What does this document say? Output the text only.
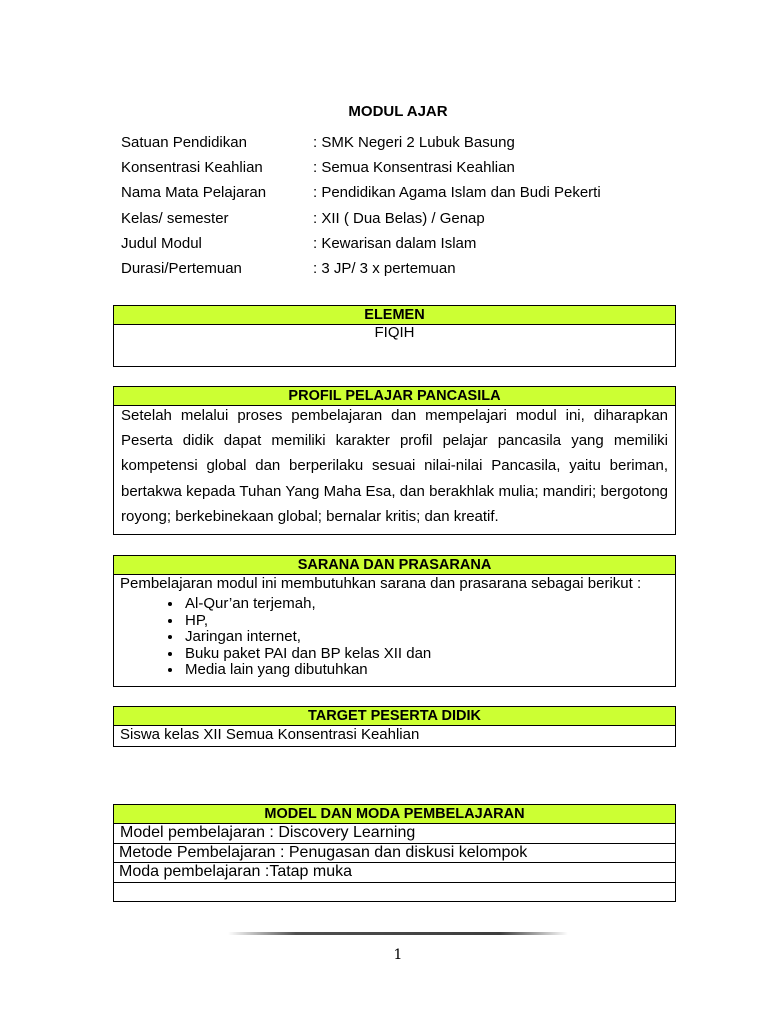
MODUL AJAR
Satuan Pendidikan	: SMK Negeri 2 Lubuk Basung
Konsentrasi Keahlian	: Semua Konsentrasi Keahlian
Nama Mata Pelajaran	: Pendidikan Agama Islam dan Budi Pekerti
Kelas/ semester	: XII ( Dua Belas) / Genap
Judul Modul	: Kewarisan dalam Islam
Durasi/Pertemuan	: 3 JP/ 3 x pertemuan
ELEMEN
FIQIH
PROFIL PELAJAR PANCASILA
Setelah melalui proses pembelajaran dan mempelajari modul ini, diharapkan Peserta didik dapat memiliki karakter profil pelajar pancasila yang memiliki kompetensi global dan berperilaku sesuai nilai-nilai Pancasila, yaitu beriman, bertakwa kepada Tuhan Yang Maha Esa, dan berakhlak mulia; mandiri; bergotong royong; berkebinekaan global; bernalar kritis; dan kreatif.
SARANA DAN PRASARANA
Pembelajaran modul ini membutuhkan sarana dan prasarana sebagai berikut :
• Al-Qur’an terjemah,
• HP,
• Jaringan internet,
• Buku paket PAI dan BP kelas XII dan
• Media lain yang dibutuhkan
TARGET PESERTA DIDIK
Siswa kelas XII Semua Konsentrasi Keahlian
MODEL DAN MODA PEMBELAJARAN
Model pembelajaran : Discovery Learning
Metode Pembelajaran : Penugasan dan diskusi kelompok
Moda pembelajaran :Tatap muka
1
